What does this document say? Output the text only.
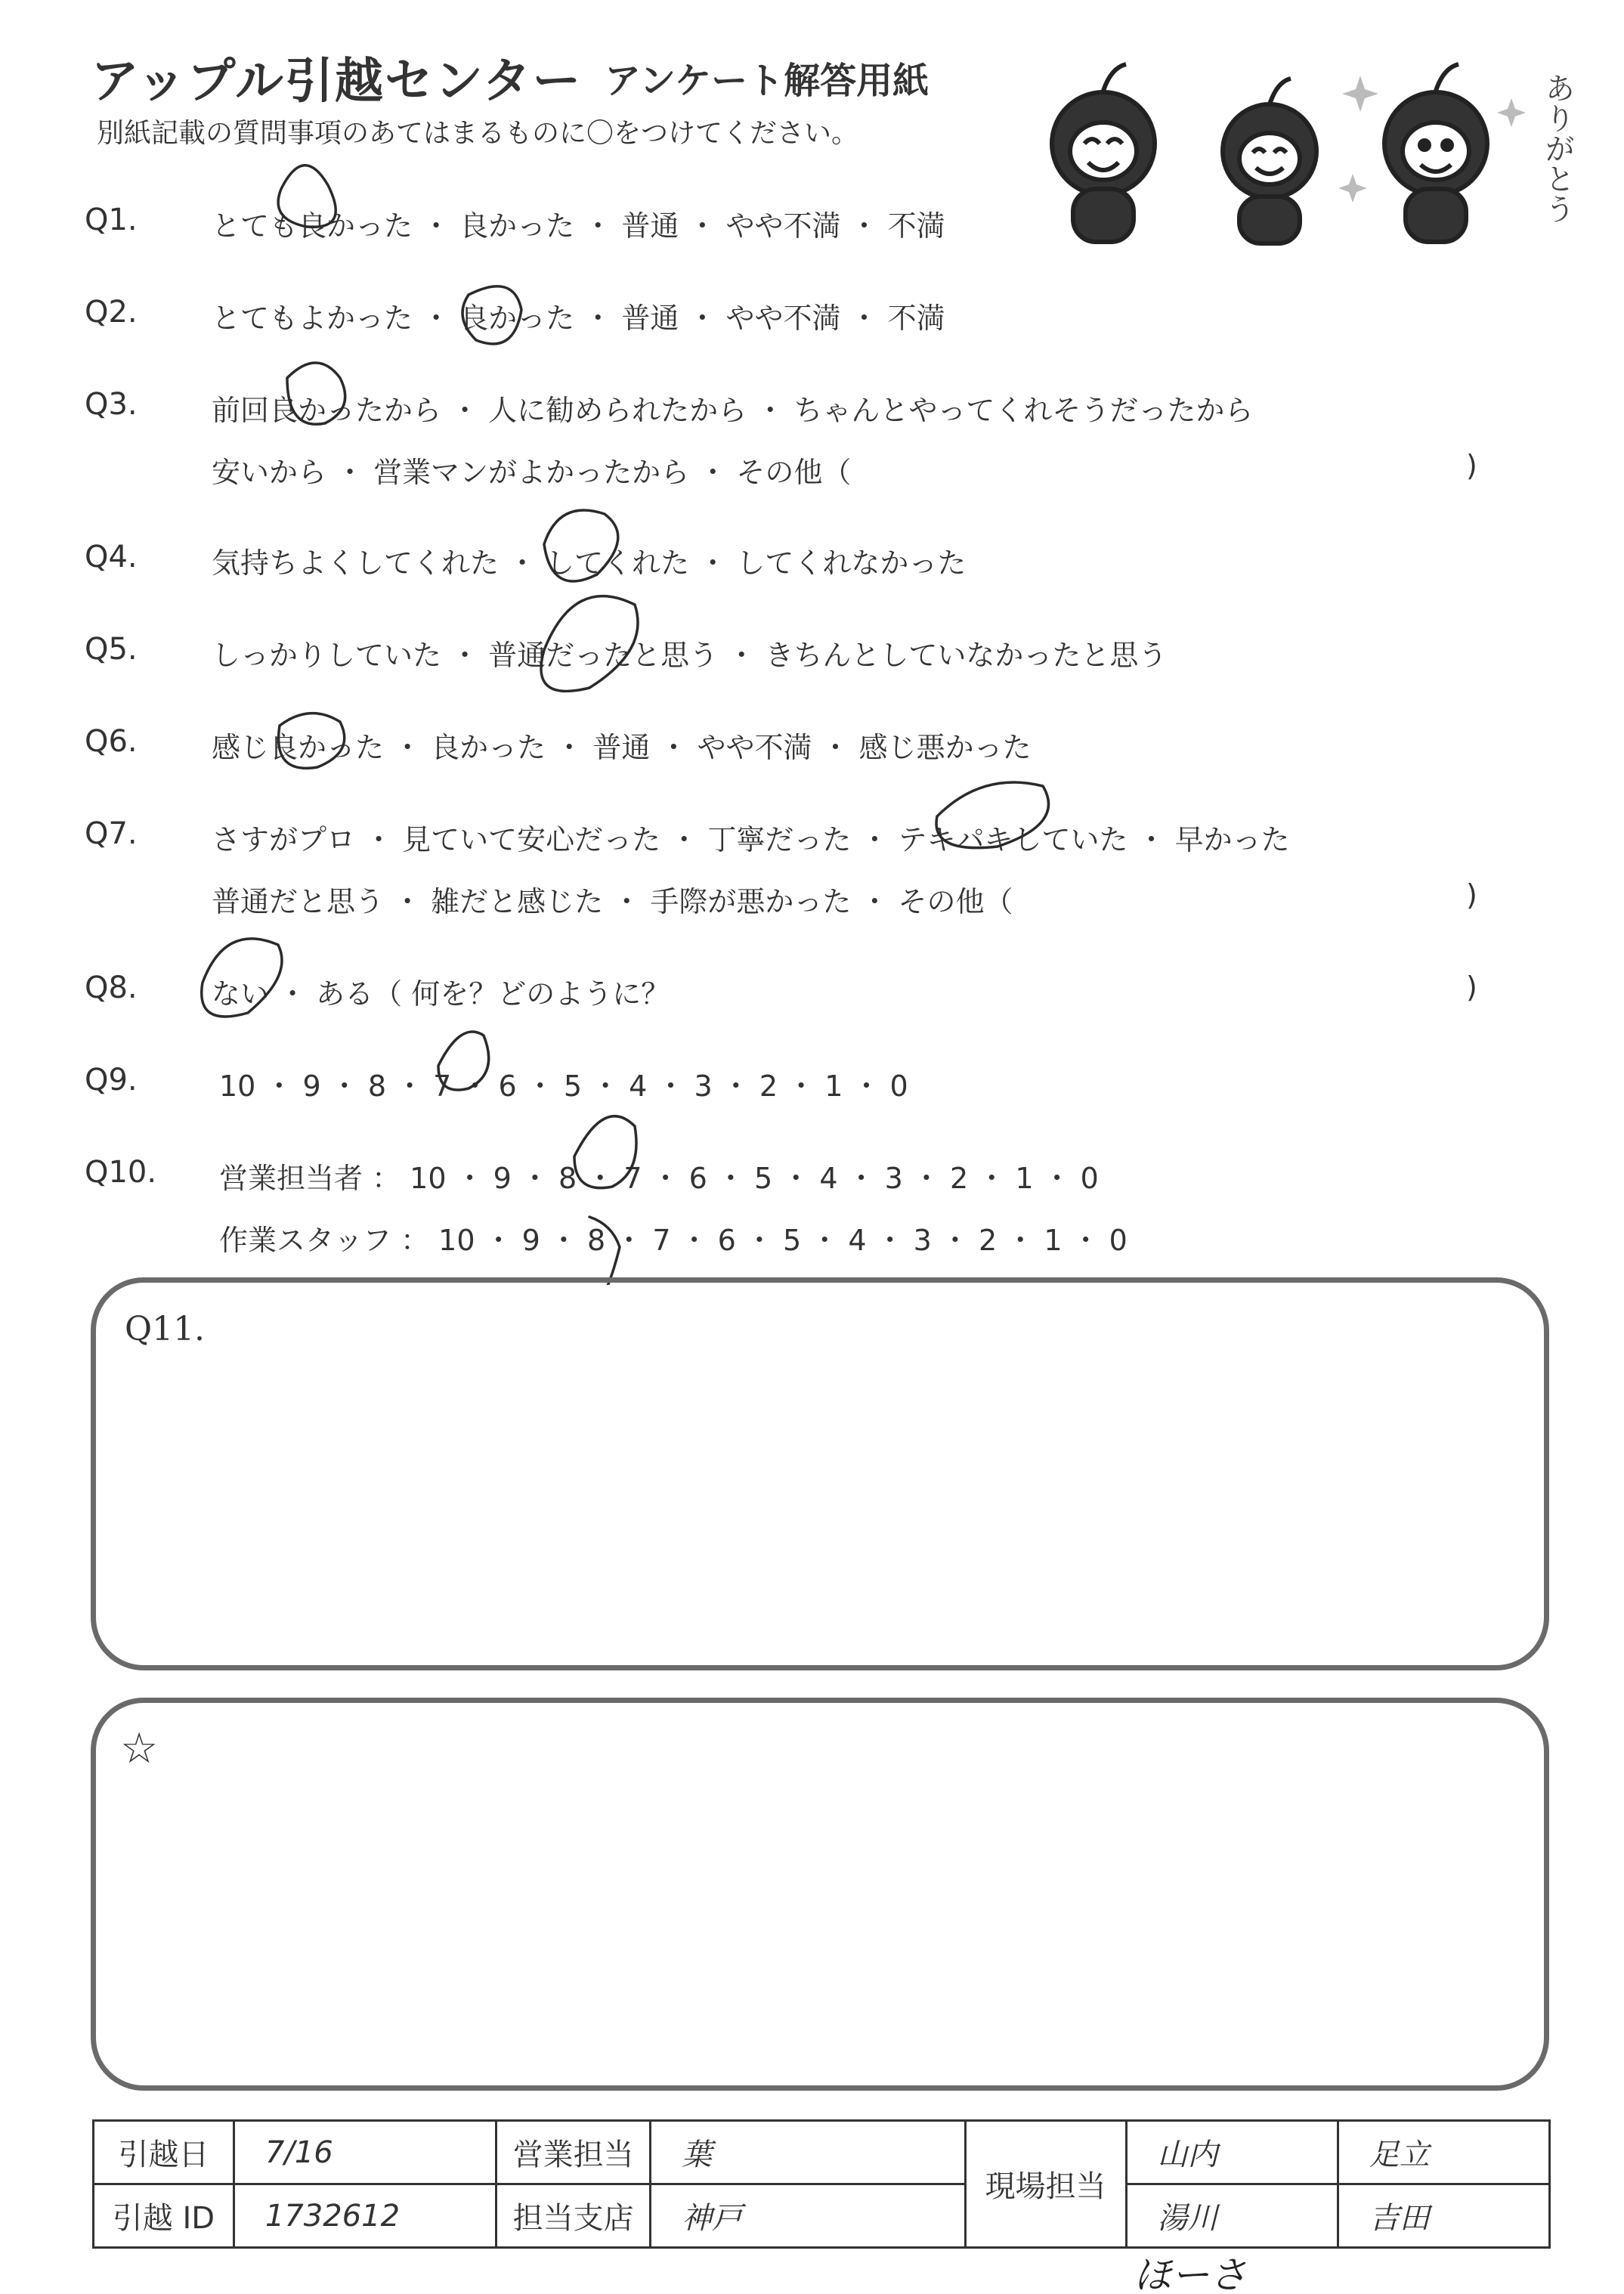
アップル引越センター アンケート解答用紙
別紙記載の質問事項のあてはまるものに〇をつけてください。	ありがとう
Q1.	とても良かった ・ 良かった ・ 普通 ・ やや不満 ・ 不満
Q2.	とてもよかった ・ 良かった ・ 普通 ・ やや不満 ・ 不満
Q3.	前回良かったから ・ 人に勧められたから ・ ちゃんとやってくれそうだったから
安いから ・ 営業マンがよかったから ・ その他（	)
Q4.	気持ちよくしてくれた ・ してくれた ・ してくれなかった
Q5.	しっかりしていた ・ 普通だったと思う ・ きちんとしていなかったと思う
Q6.	感じ良かった ・ 良かった ・ 普通 ・ やや不満 ・ 感じ悪かった
Q7.	さすがプロ ・ 見ていて安心だった ・ 丁寧だった ・ テキパキしていた ・ 早かった
普通だと思う ・ 雑だと感じた ・ 手際が悪かった ・ その他（	)
Q8.	ない ・ ある（ 何を？どのように？	)
Q9.	10 ・ 9 ・ 8 ・ 7 ・ 6 ・ 5 ・ 4 ・ 3 ・ 2 ・ 1 ・ 0
Q10. 営業担当者 ： 10 ・ 9 ・ 8 ・ 7 ・ 6 ・ 5 ・ 4 ・ 3 ・ 2 ・ 1 ・ 0
作業スタッフ ： 10 ・ 9 ・ 8 ・ 7 ・ 6 ・ 5 ・ 4 ・ 3 ・ 2 ・ 1 ・ 0
Q11.
☆
引越日	7/16	営業担当	葉	現場担当	山内	足立
引越 ID	1732612	担当支店	神戸		湯川	吉田
ほーさ
